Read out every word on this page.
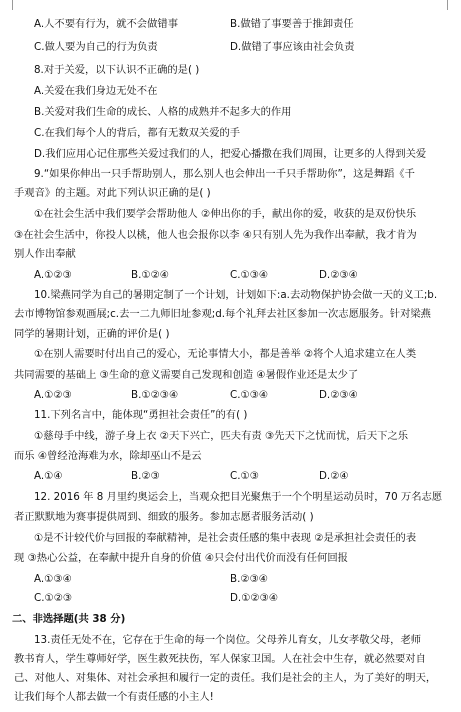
A.人不要有行为，就不会做错事	B.做错了事要善于推卸责任
C.做人要为自己的行为负责	D.做错了事应该由社会负责
8.对于关爱，以下认识不正确的是( )
A.关爱在我们身边无处不在
B.关爱对我们生命的成长、人格的成熟并不起多大的作用
C.在我们每个人的背后，都有无数双关爱的手
D.我们应用心记住那些关爱过我们的人，把爱心播撒在我们周围，让更多的人得到关爱
9.“如果你伸出一只手帮助别人，那么别人也会伸出一千只手帮助你”，这是舞蹈《千
手观音》的主题。对此下列认识正确的是( )
①在社会生活中我们要学会帮助他人 ②伸出你的手，献出你的爱，收获的是双份快乐
③在社会生活中，你投人以桃，他人也会报你以李 ④只有别人先为我作出奉献，我才肯为
别人作出奉献
A.①②③	B.①②④	C.①③④	D.②③④
10.梁燕同学为自己的暑期定制了一个计划，计划如下:a.去动物保护协会做一天的义工;b.
去市博物馆参观画展;c.去一二九师旧址参观;d.每个礼拜去社区参加一次志愿服务。针对梁燕
同学的暑期计划，正确的评价是( )
①在别人需要时付出自己的爱心，无论事情大小，都是善举 ②将个人追求建立在人类
共同需要的基础上 ③生命的意义需要自己发现和创造 ④暑假作业还是太少了
A.①②③	B.①②③④	C.①③④	D.②③④
11.下列名言中，能体现“勇担社会责任”的有( )
①慈母手中线，游子身上衣 ②天下兴亡，匹夫有责 ③先天下之忧而忧，后天下之乐
而乐 ④曾经沧海难为水，除却巫山不是云
A.①④	B.②③	C.①③	D.②④
12. 2016 年 8 月里约奥运会上，当观众把目光聚焦于一个个明星运动员时，70 万名志愿
者正默默地为赛事提供周到、细致的服务。参加志愿者服务活动( )
①是不计较代价与回报的奉献精神，是社会责任感的集中表现 ②是承担社会责任的表
现 ③热心公益，在奉献中提升自身的价值 ④只会付出代价而没有任何回报
A.①③④	B.②③④
C.①②③	D.①②③④
二、非选择题(共 38 分)
13.责任无处不在，它存在于生命的每一个岗位。父母养儿育女，儿女孝敬父母，老师
教书育人，学生尊师好学，医生救死扶伤，军人保家卫国。人在社会中生存，就必然要对自
己、对他人、对集体、对社会承担和履行一定的责任。我们是社会的主人，为了美好的明天，
让我们每个人都去做一个有责任感的小主人!
